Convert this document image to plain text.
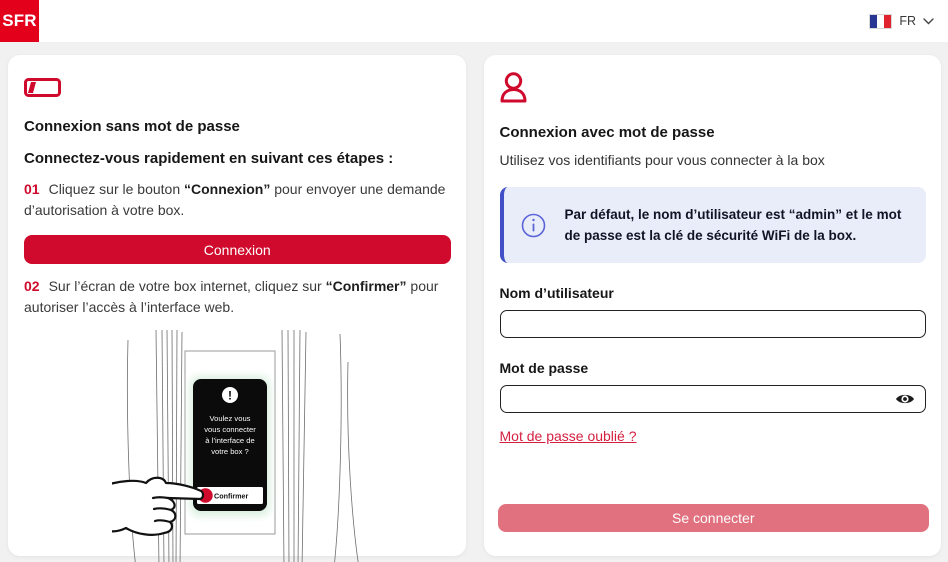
SFR	FR
Connexion sans mot de passe
Connectez-vous rapidement en suivant ces étapes :

01 Cliquez sur le bouton “Connexion” pour envoyer une demande d’autorisation à votre box.

Connexion

02 Sur l’écran de votre box internet, cliquez sur “Confirmer” pour autoriser l’accès à l’interface web.

!
Voulez vous
vous connecter
à l’interface de
votre box ?
Confirmer
Connexion avec mot de passe
Utilisez vos identifiants pour vous connecter à la box
Par défaut, le nom d’utilisateur est “admin” et le mot de passe est la clé de sécurité WiFi de la box.
Nom d’utilisateur
Mot de passe
Mot de passe oublié ?
Se connecter
